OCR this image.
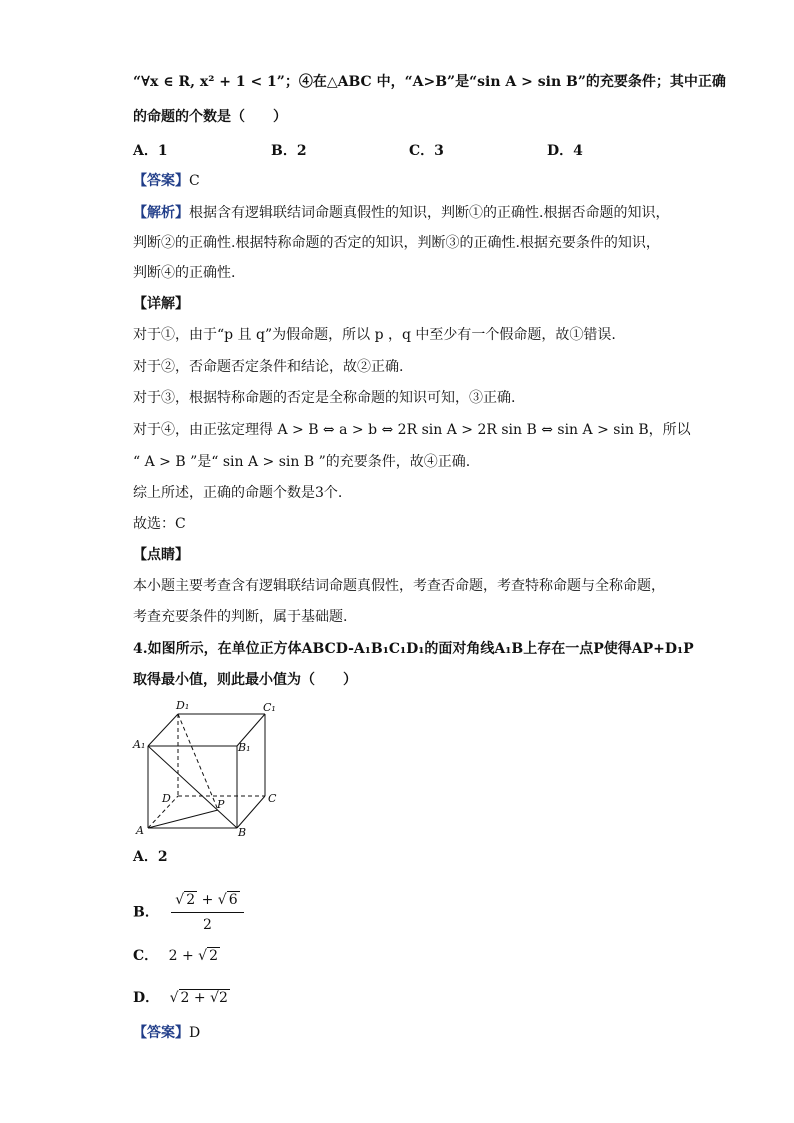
“∀x ∈ R, x² + 1 < 1”；④在△ABC 中，“A>B”是“sin A > sin B”的充要条件；其中正确
的命题的个数是（　　）
A．1	B．2	C．3	D．4
【答案】C
【解析】根据含有逻辑联结词命题真假性的知识，判断①的正确性.根据否命题的知识，
判断②的正确性.根据特称命题的否定的知识，判断③的正确性.根据充要条件的知识，
判断④的正确性.
【详解】
对于①，由于“p 且 q”为假命题，所以 p ，q 中至少有一个假命题，故①错误.
对于②，否命题否定条件和结论，故②正确.
对于③，根据特称命题的否定是全称命题的知识可知，③正确.
对于④，由正弦定理得 A > B ⇔ a > b ⇔ 2R sin A > 2R sin B ⇔ sin A > sin B，所以
“ A > B ”是“ sin A > sin B ”的充要条件，故④正确.
综上所述，正确的命题个数是3个.
故选：C
【点睛】
本小题主要考查含有逻辑联结词命题真假性，考查否命题，考查特称命题与全称命题，
考查充要条件的判断，属于基础题.
4.如图所示，在单位正方体ABCD-A₁B₁C₁D₁的面对角线A₁B上存在一点P使得AP+D₁P
取得最小值，则此最小值为（　　）
D₁	C₁
A₁	B₁
D	C
A	B
P
A．2
B． $\frac{√ 2 + √ 6}{2}$
C． 2 + √ 2
D． √ 2 + √2
【答案】D
